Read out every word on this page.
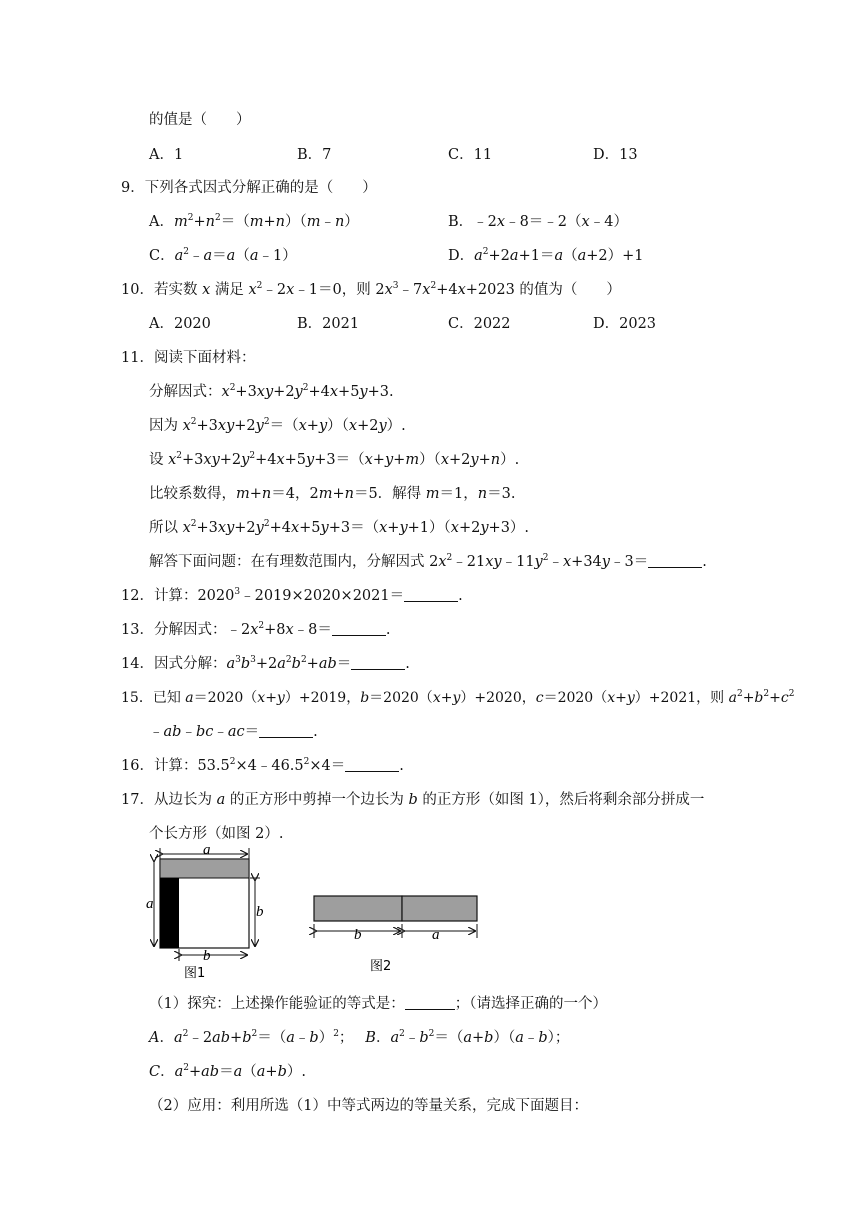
的值是（　　）
A．1	B．7	C．11	D．13
9．下列各式因式分解正确的是（　　）
A．$m^2+n^2=(m+n)(m﹣n)$	B．﹣2x﹣8＝﹣2（x﹣4）
C．$a^2﹣a=a(a﹣1)$	D．$a^2+2a+1=a(a+2)+1$
10．若实数 x 满足 $x^2﹣2x﹣1=0$，则 $2x^3﹣7x^2+4x+2023$ 的值为（　　）
A．2020	B．2021	C．2022	D．2023
11．阅读下面材料：
分解因式：$x^2+3xy+2y^2+4x+5y+3$.
因为 $x^2+3xy+2y^2=(x+y)(x+2y)$.
设 $x^2+3xy+2y^2+4x+5y+3=(x+y+m)(x+2y+n)$.
比较系数得，m+n＝4，2m+n＝5．解得 m＝1，n＝3.
所以 $x^2+3xy+2y^2+4x+5y+3=(x+y+1)(x+2y+3)$.
解答下面问题：在有理数范围内，分解因式 $2x^2﹣21xy﹣11y^2﹣x+34y﹣3=$	.
12．计算：$2020^3﹣2019\times 2020\times 2021=$	.
13．分解因式：$﹣2x^2+8x﹣8=$	.
14．因式分解：$a^3b^3+2a^2b^2+ab=$	.
15．已知 a＝2020（x+y）+2019，b＝2020（x+y）+2020，c＝2020（x+y）+2021，则 $a^2+b^2+c^2$
﹣ab﹣bc﹣ac＝	.
16．计算：$53.5^2\times 4﹣46.5^2\times 4=$	.
17．从边长为 a 的正方形中剪掉一个边长为 b 的正方形（如图 1），然后将剩余部分拼成一
个长方形（如图 2）.
a
a	b
b
图1
b	a
图2
（1）探究：上述操作能验证的等式是：	；（请选择正确的一个）
A．$a^2﹣2ab+b^2=(a﹣b)^2$；　 B．$a^2﹣b^2=(a+b)(a﹣b)$；
C．$a^2+ab=a(a+b)$.
（2）应用：利用所选（1）中等式两边的等量关系，完成下面题目：
